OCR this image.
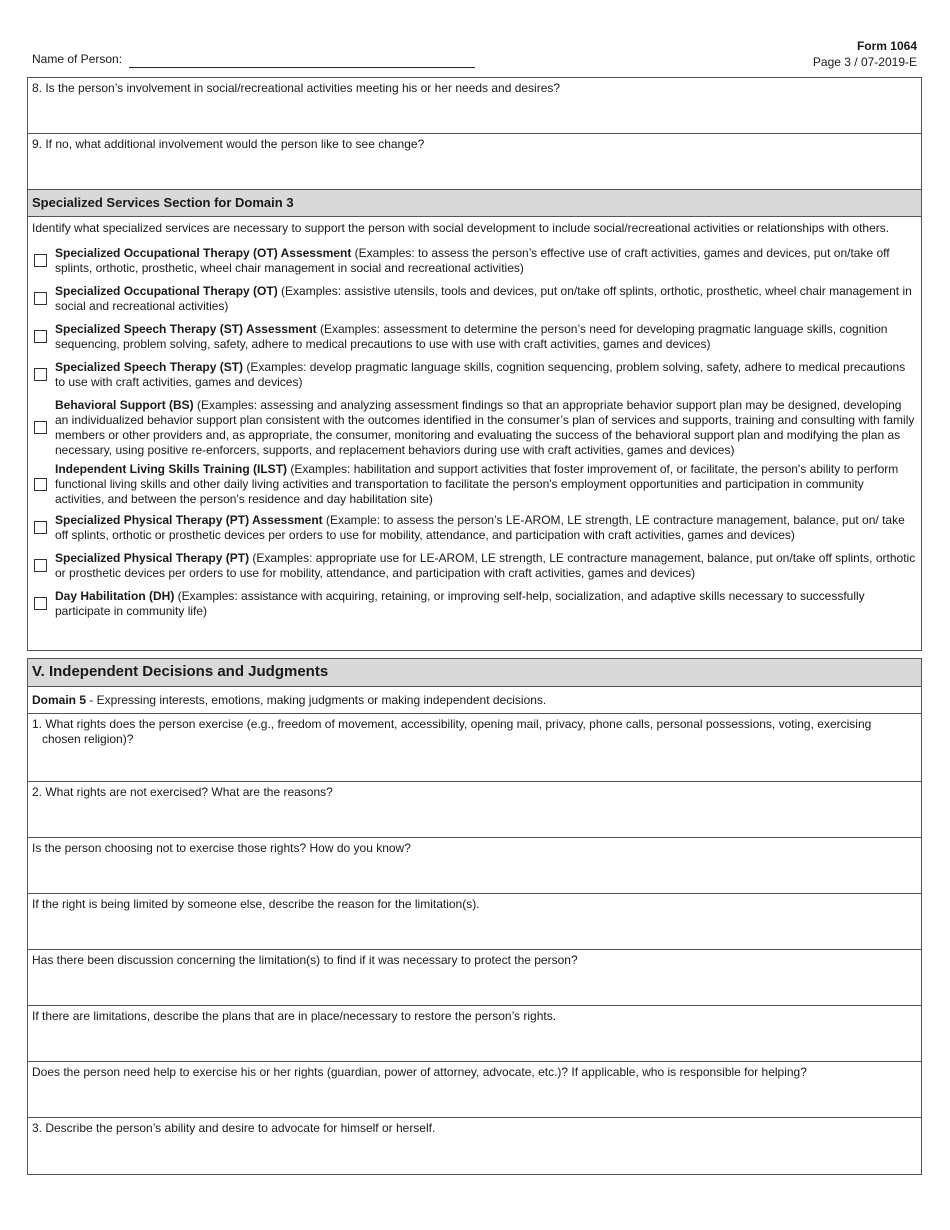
Name of Person:
Form 1064
Page 3 / 07-2019-E
8. Is the person’s involvement in social/recreational activities meeting his or her needs and desires?
9. If no, what additional involvement would the person like to see change?
Specialized Services Section for Domain 3
Identify what specialized services are necessary to support the person with social development to include social/recreational activities or relationships with others.
Specialized Occupational Therapy (OT) Assessment (Examples: to assess the person’s effective use of craft activities, games and devices, put on/take off splints, orthotic, prosthetic, wheel chair management in social and recreational activities)
Specialized Occupational Therapy (OT) (Examples: assistive utensils, tools and devices, put on/take off splints, orthotic, prosthetic, wheel chair management in social and recreational activities)
Specialized Speech Therapy (ST) Assessment (Examples: assessment to determine the person’s need for developing pragmatic language skills, cognition sequencing, problem solving, safety, adhere to medical precautions to use with use with craft activities, games and devices)
Specialized Speech Therapy (ST) (Examples: develop pragmatic language skills, cognition sequencing, problem solving, safety, adhere to medical precautions to use with craft activities, games and devices)
Behavioral Support (BS) (Examples: assessing and analyzing assessment findings so that an appropriate behavior support plan may be designed, developing an individualized behavior support plan consistent with the outcomes identified in the consumer’s plan of services and supports, training and consulting with family members or other providers and, as appropriate, the consumer, monitoring and evaluating the success of the behavioral support plan and modifying the plan as necessary, using positive re-enforcers, supports, and replacement behaviors during use with craft activities, games and devices)
Independent Living Skills Training (ILST) (Examples: habilitation and support activities that foster improvement of, or facilitate, the person's ability to perform functional living skills and other daily living activities and transportation to facilitate the person's employment opportunities and participation in community activities, and between the person's residence and day habilitation site)
Specialized Physical Therapy (PT) Assessment (Example: to assess the person’s LE-AROM, LE strength, LE contracture management, balance, put on/ take off splints, orthotic or prosthetic devices per orders to use for mobility, attendance, and participation with craft activities, games and devices)
Specialized Physical Therapy (PT) (Examples: appropriate use for LE-AROM, LE strength, LE contracture management, balance, put on/take off splints, orthotic or prosthetic devices per orders to use for mobility, attendance, and participation with craft activities, games and devices)
Day Habilitation (DH) (Examples: assistance with acquiring, retaining, or improving self-help, socialization, and adaptive skills necessary to successfully participate in community life)
V. Independent Decisions and Judgments
Domain 5 - Expressing interests, emotions, making judgments or making independent decisions.
1. What rights does the person exercise (e.g., freedom of movement, accessibility, opening mail, privacy, phone calls, personal possessions, voting, exercising
chosen religion)?
2. What rights are not exercised? What are the reasons?
Is the person choosing not to exercise those rights? How do you know?
If the right is being limited by someone else, describe the reason for the limitation(s).
Has there been discussion concerning the limitation(s) to find if it was necessary to protect the person?
If there are limitations, describe the plans that are in place/necessary to restore the person’s rights.
Does the person need help to exercise his or her rights (guardian, power of attorney, advocate, etc.)? If applicable, who is responsible for helping?
3. Describe the person’s ability and desire to advocate for himself or herself.
